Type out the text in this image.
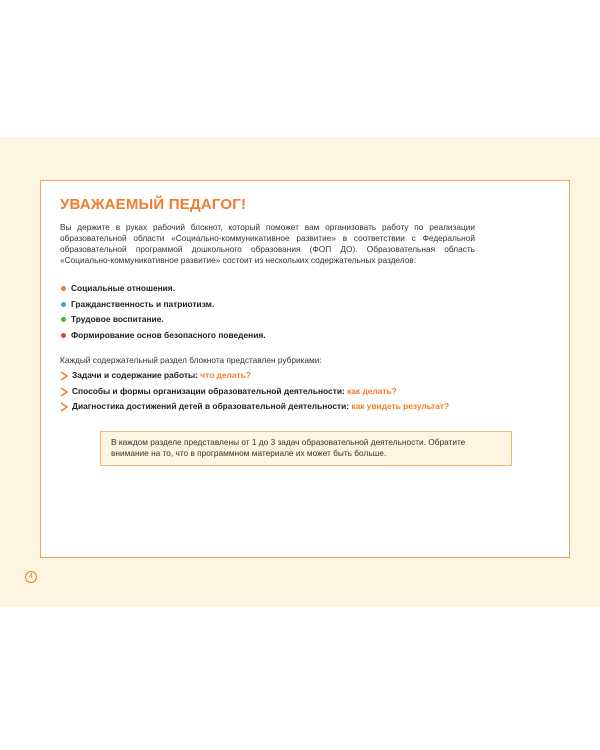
4
УВАЖАЕМЫЙ ПЕДАГОГ!

Вы держите в руках рабочий блокнот, который поможет вам организовать работу по реализации образовательной области «Социально-коммуникативное развитие» в соответствии с Федеральной образовательной программой дошкольного образования (ФОП ДО). Образовательная область «Социально-коммуникативное развитие» состоит из нескольких содержательных разделов:

Социальные отношения.
Гражданственность и патриотизм.
Трудовое воспитание.
Формирование основ безопасного поведения.

Каждый содержательный раздел блокнота представлен рубриками:

Задачи и содержание работы: что делать?
Способы и формы организации образовательной деятельности: как делать?
Диагностика достижений детей в образовательной деятельности: как увидеть результат?
В каждом разделе представлены от 1 до 3 задач образовательной деятельности. Обратите внимание на то, что в программном материале их может быть больше.
